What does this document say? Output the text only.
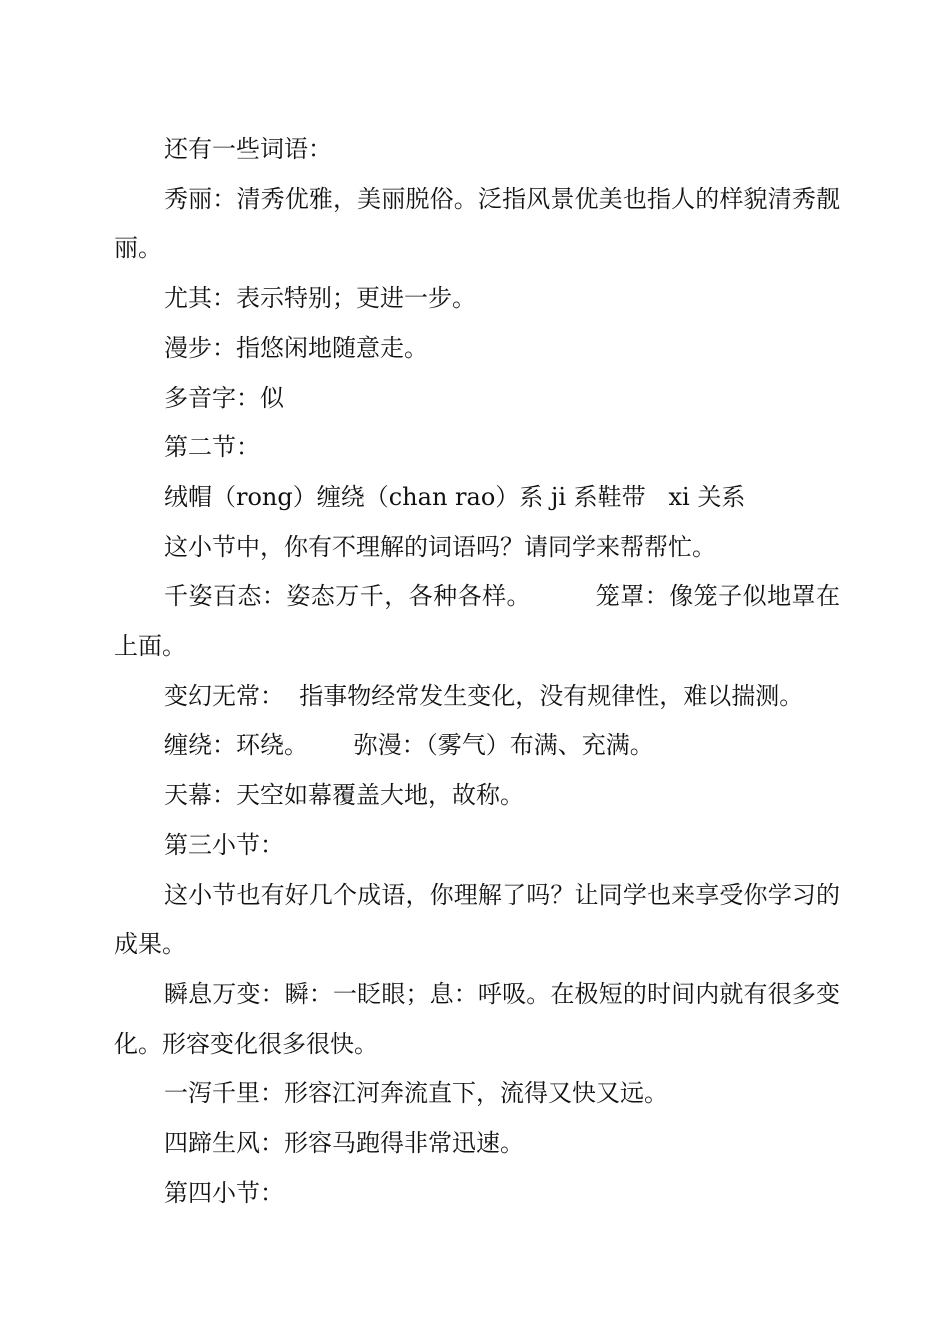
还有一些词语：

秀丽：清秀优雅，美丽脱俗。泛指风景优美也指人的样貌清秀靓丽。

尤其：表示特别；更进一步。

漫步：指悠闲地随意走。

多音字：似

第二节：

绒帽（rong）缠绕（chan rao）系 ji 系鞋带   xi 关系

这小节中，你有不理解的词语吗？请同学来帮帮忙。

千姿百态：姿态万千，各种各样。        笼罩：像笼子似地罩在上面。

变幻无常：  指事物经常发生变化，没有规律性，难以揣测。

缠绕：环绕。      弥漫：（雾气）布满、充满。

天幕：天空如幕覆盖大地，故称。

第三小节：

这小节也有好几个成语，你理解了吗？让同学也来享受你学习的成果。

瞬息万变：瞬：一眨眼；息：呼吸。在极短的时间内就有很多变化。形容变化很多很快。

一泻千里：形容江河奔流直下，流得又快又远。

四蹄生风：形容马跑得非常迅速。

第四小节：
